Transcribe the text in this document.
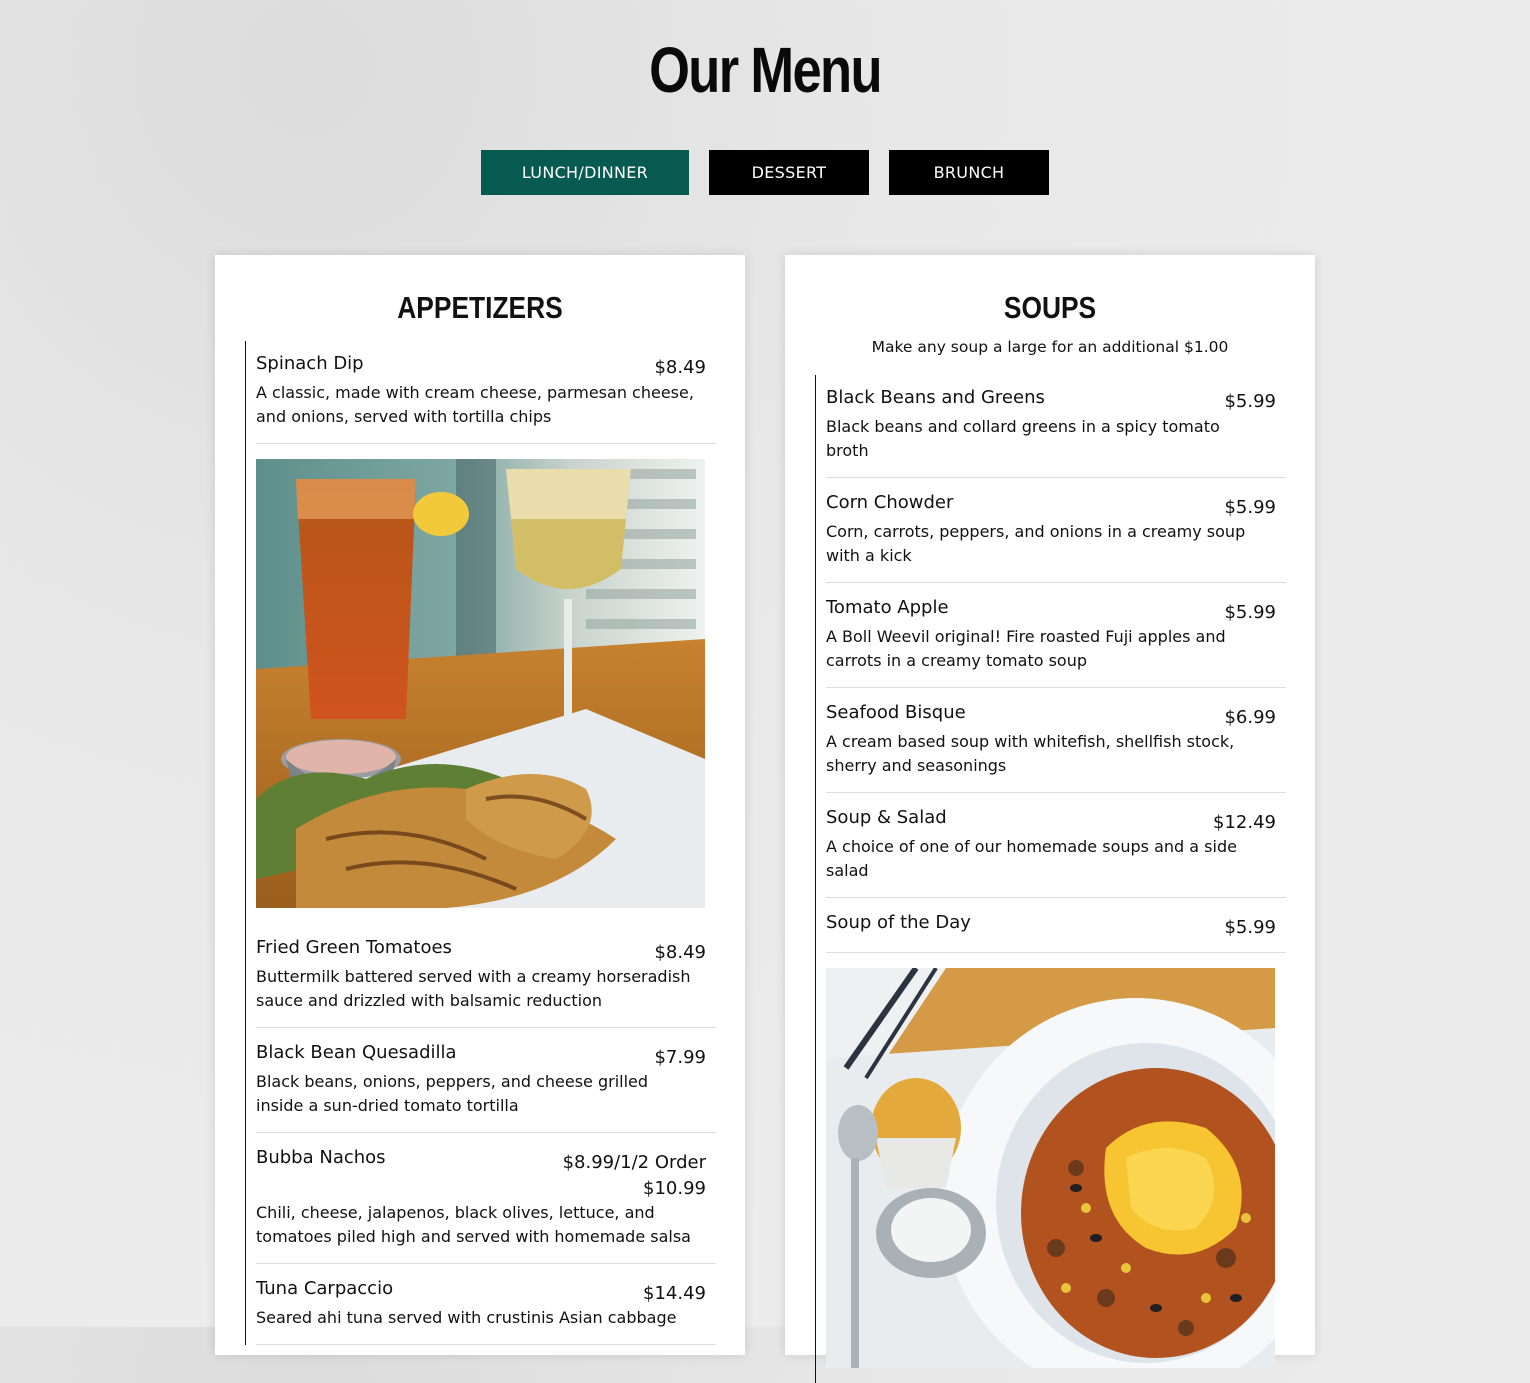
Our Menu
LUNCH/DINNER	DESSERT	BRUNCH
APPETIZERS
Spinach Dip	$8.49
A classic, made with cream cheese, parmesan cheese, and onions, served with tortilla chips
Fried Green Tomatoes	$8.49
Buttermilk battered served with a creamy horseradish sauce and drizzled with balsamic reduction
Black Bean Quesadilla	$7.99
Black beans, onions, peppers, and cheese grilled inside a sun-dried tomato tortilla
Bubba Nachos	$8.99/1/2 Order
$10.99
Chili, cheese, jalapenos, black olives, lettuce, and tomatoes piled high and served with homemade salsa
Tuna Carpaccio	$14.49
Seared ahi tuna served with crustinis Asian cabbage
SOUPS
Make any soup a large for an additional $1.00
Black Beans and Greens	$5.99
Black beans and collard greens in a spicy tomato broth
Corn Chowder	$5.99
Corn, carrots, peppers, and onions in a creamy soup with a kick
Tomato Apple	$5.99
A Boll Weevil original! Fire roasted Fuji apples and carrots in a creamy tomato soup
Seafood Bisque	$6.99
A cream based soup with whitefish, shellfish stock, sherry and seasonings
Soup & Salad	$12.49
A choice of one of our homemade soups and a side salad
Soup of the Day	$5.99
